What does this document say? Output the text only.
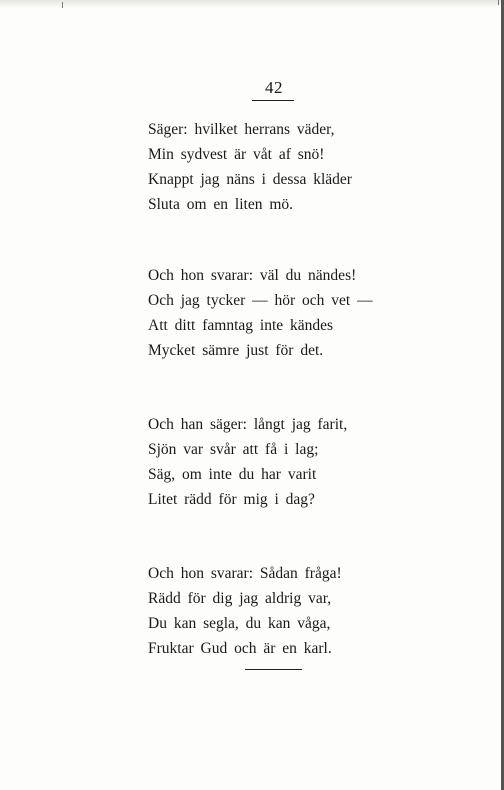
42
Säger: hvilket herrans väder,
Min sydvest är våt af snö!
Knappt jag näns i dessa kläder
Sluta om en liten mö.
Och hon svarar: väl du nändes!
Och jag tycker — hör och vet —
Att ditt famntag inte kändes
Mycket sämre just för det.
Och han säger: långt jag farit,
Sjön var svår att få i lag;
Säg, om inte du har varit
Litet rädd för mig i dag?
Och hon svarar: Sådan fråga!
Rädd för dig jag aldrig var,
Du kan segla, du kan våga,
Fruktar Gud och är en karl.
